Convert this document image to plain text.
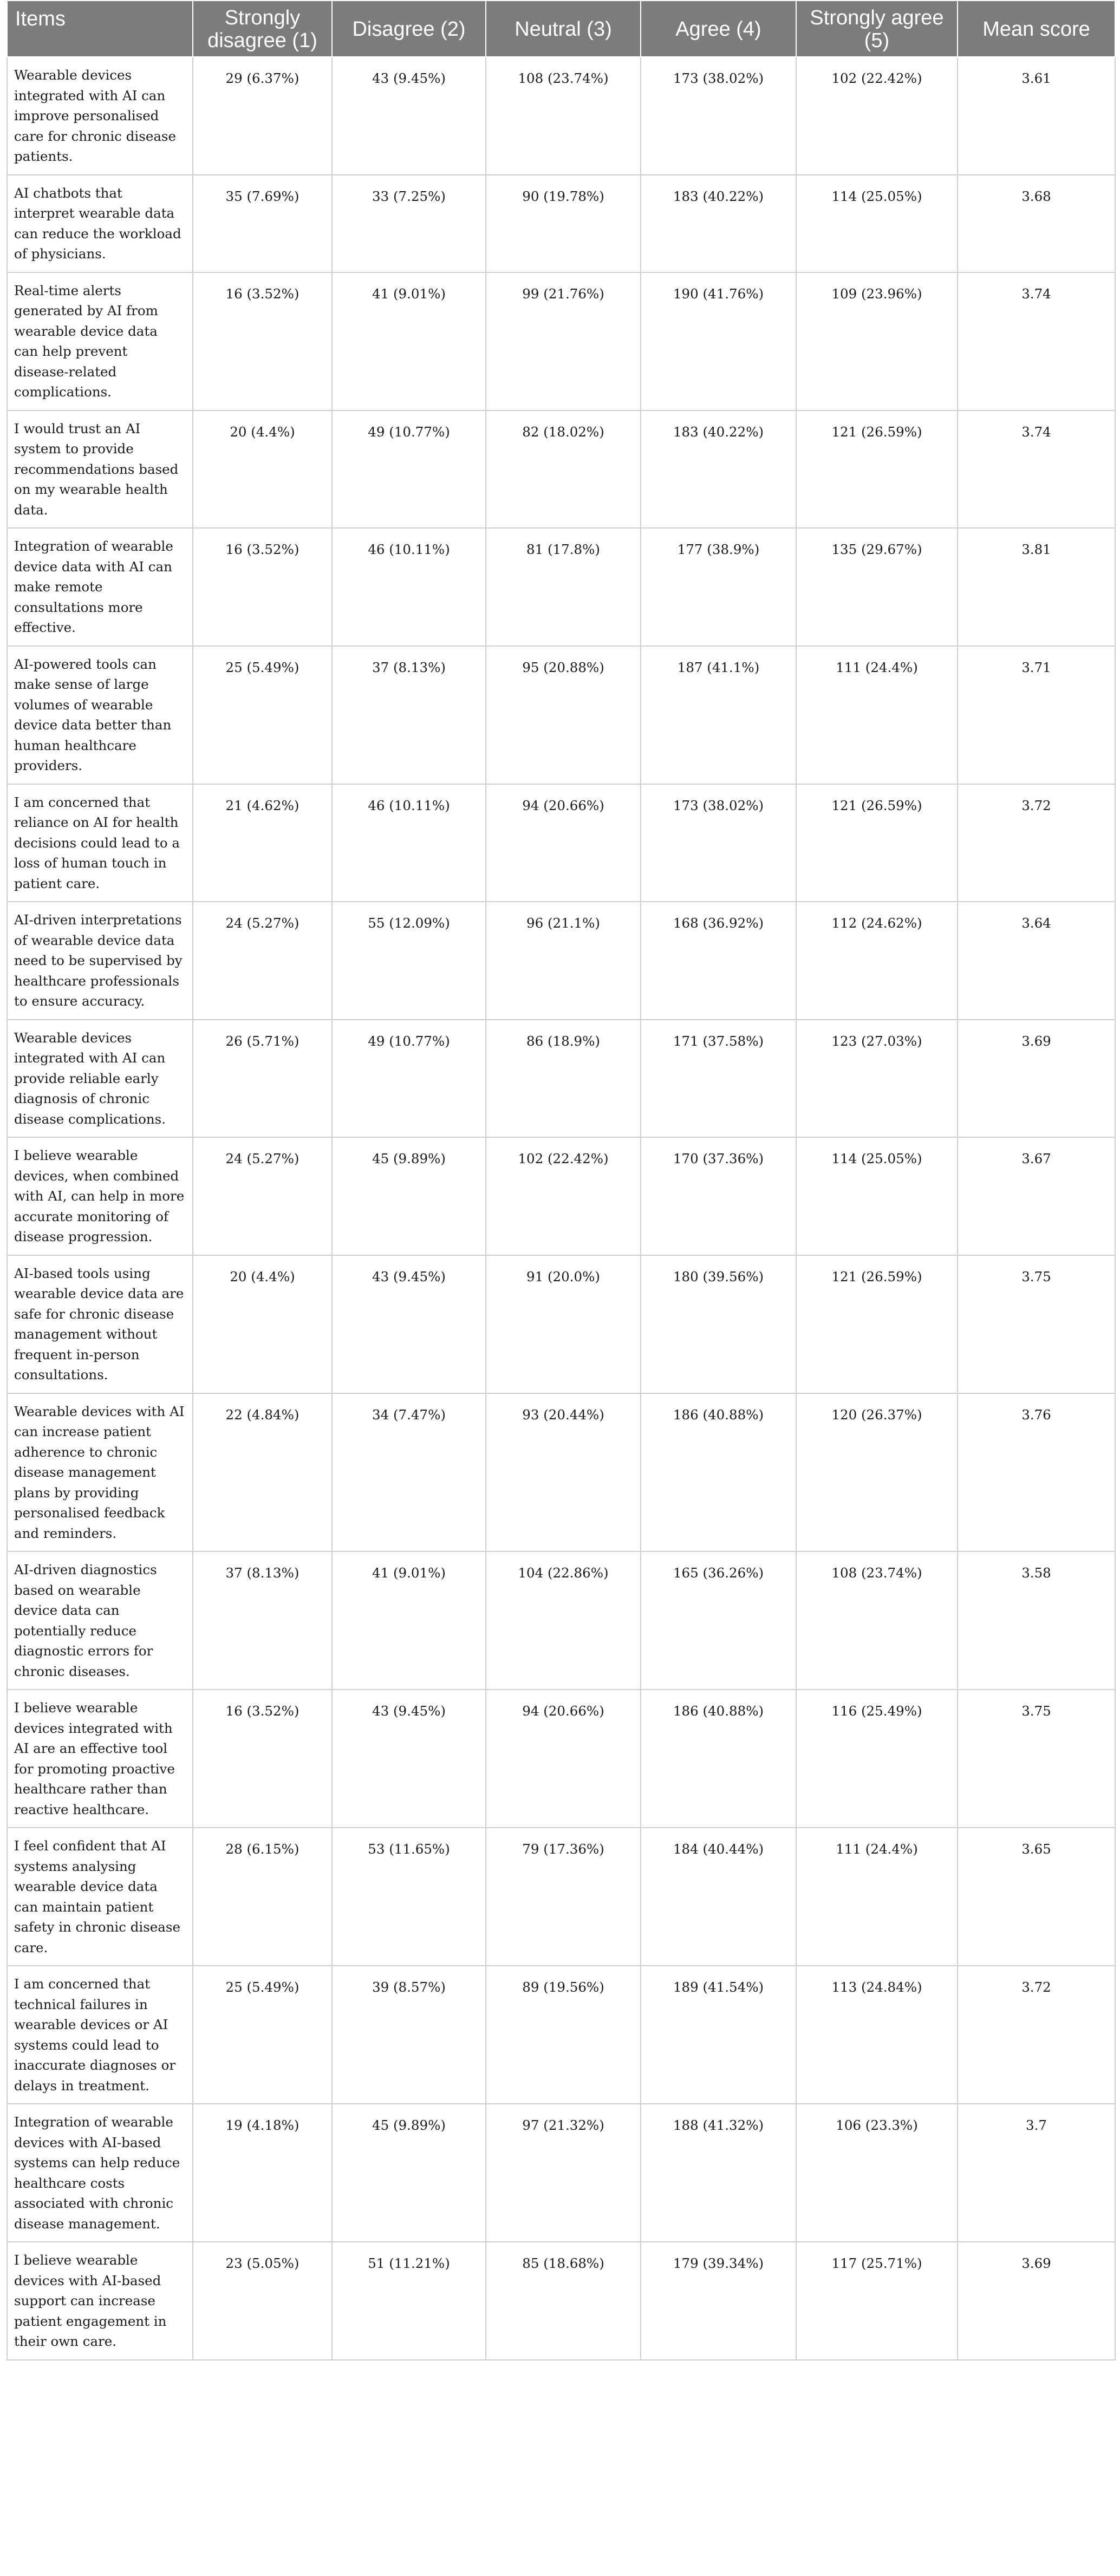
Items	Strongly disagree (1)	Disagree (2)	Neutral (3)	Agree (4)	Strongly agree (5)	Mean score
Wearable devices integrated with AI can improve personalised care for chronic disease patients.	29 (6.37%)	43 (9.45%)	108 (23.74%)	173 (38.02%)	102 (22.42%)	3.61
AI chatbots that interpret wearable data can reduce the workload of physicians.	35 (7.69%)	33 (7.25%)	90 (19.78%)	183 (40.22%)	114 (25.05%)	3.68
Real-time alerts generated by AI from wearable device data can help prevent disease-related complications.	16 (3.52%)	41 (9.01%)	99 (21.76%)	190 (41.76%)	109 (23.96%)	3.74
I would trust an AI system to provide recommendations based on my wearable health data.	20 (4.4%)	49 (10.77%)	82 (18.02%)	183 (40.22%)	121 (26.59%)	3.74
Integration of wearable device data with AI can make remote consultations more effective.	16 (3.52%)	46 (10.11%)	81 (17.8%)	177 (38.9%)	135 (29.67%)	3.81
AI-powered tools can make sense of large volumes of wearable device data better than human healthcare providers.	25 (5.49%)	37 (8.13%)	95 (20.88%)	187 (41.1%)	111 (24.4%)	3.71
I am concerned that reliance on AI for health decisions could lead to a loss of human touch in patient care.	21 (4.62%)	46 (10.11%)	94 (20.66%)	173 (38.02%)	121 (26.59%)	3.72
AI-driven interpretations of wearable device data need to be supervised by healthcare professionals to ensure accuracy.	24 (5.27%)	55 (12.09%)	96 (21.1%)	168 (36.92%)	112 (24.62%)	3.64
Wearable devices integrated with AI can provide reliable early diagnosis of chronic disease complications.	26 (5.71%)	49 (10.77%)	86 (18.9%)	171 (37.58%)	123 (27.03%)	3.69
I believe wearable devices, when combined with AI, can help in more accurate monitoring of disease progression.	24 (5.27%)	45 (9.89%)	102 (22.42%)	170 (37.36%)	114 (25.05%)	3.67
AI-based tools using wearable device data are safe for chronic disease management without frequent in-person consultations.	20 (4.4%)	43 (9.45%)	91 (20.0%)	180 (39.56%)	121 (26.59%)	3.75
Wearable devices with AI can increase patient adherence to chronic disease management plans by providing personalised feedback and reminders.	22 (4.84%)	34 (7.47%)	93 (20.44%)	186 (40.88%)	120 (26.37%)	3.76
AI-driven diagnostics based on wearable device data can potentially reduce diagnostic errors for chronic diseases.	37 (8.13%)	41 (9.01%)	104 (22.86%)	165 (36.26%)	108 (23.74%)	3.58
I believe wearable devices integrated with AI are an effective tool for promoting proactive healthcare rather than reactive healthcare.	16 (3.52%)	43 (9.45%)	94 (20.66%)	186 (40.88%)	116 (25.49%)	3.75
I feel confident that AI systems analysing wearable device data can maintain patient safety in chronic disease care.	28 (6.15%)	53 (11.65%)	79 (17.36%)	184 (40.44%)	111 (24.4%)	3.65
I am concerned that technical failures in wearable devices or AI systems could lead to inaccurate diagnoses or delays in treatment.	25 (5.49%)	39 (8.57%)	89 (19.56%)	189 (41.54%)	113 (24.84%)	3.72
Integration of wearable devices with AI-based systems can help reduce healthcare costs associated with chronic disease management.	19 (4.18%)	45 (9.89%)	97 (21.32%)	188 (41.32%)	106 (23.3%)	3.7
I believe wearable devices with AI-based support can increase patient engagement in their own care.	23 (5.05%)	51 (11.21%)	85 (18.68%)	179 (39.34%)	117 (25.71%)	3.69
